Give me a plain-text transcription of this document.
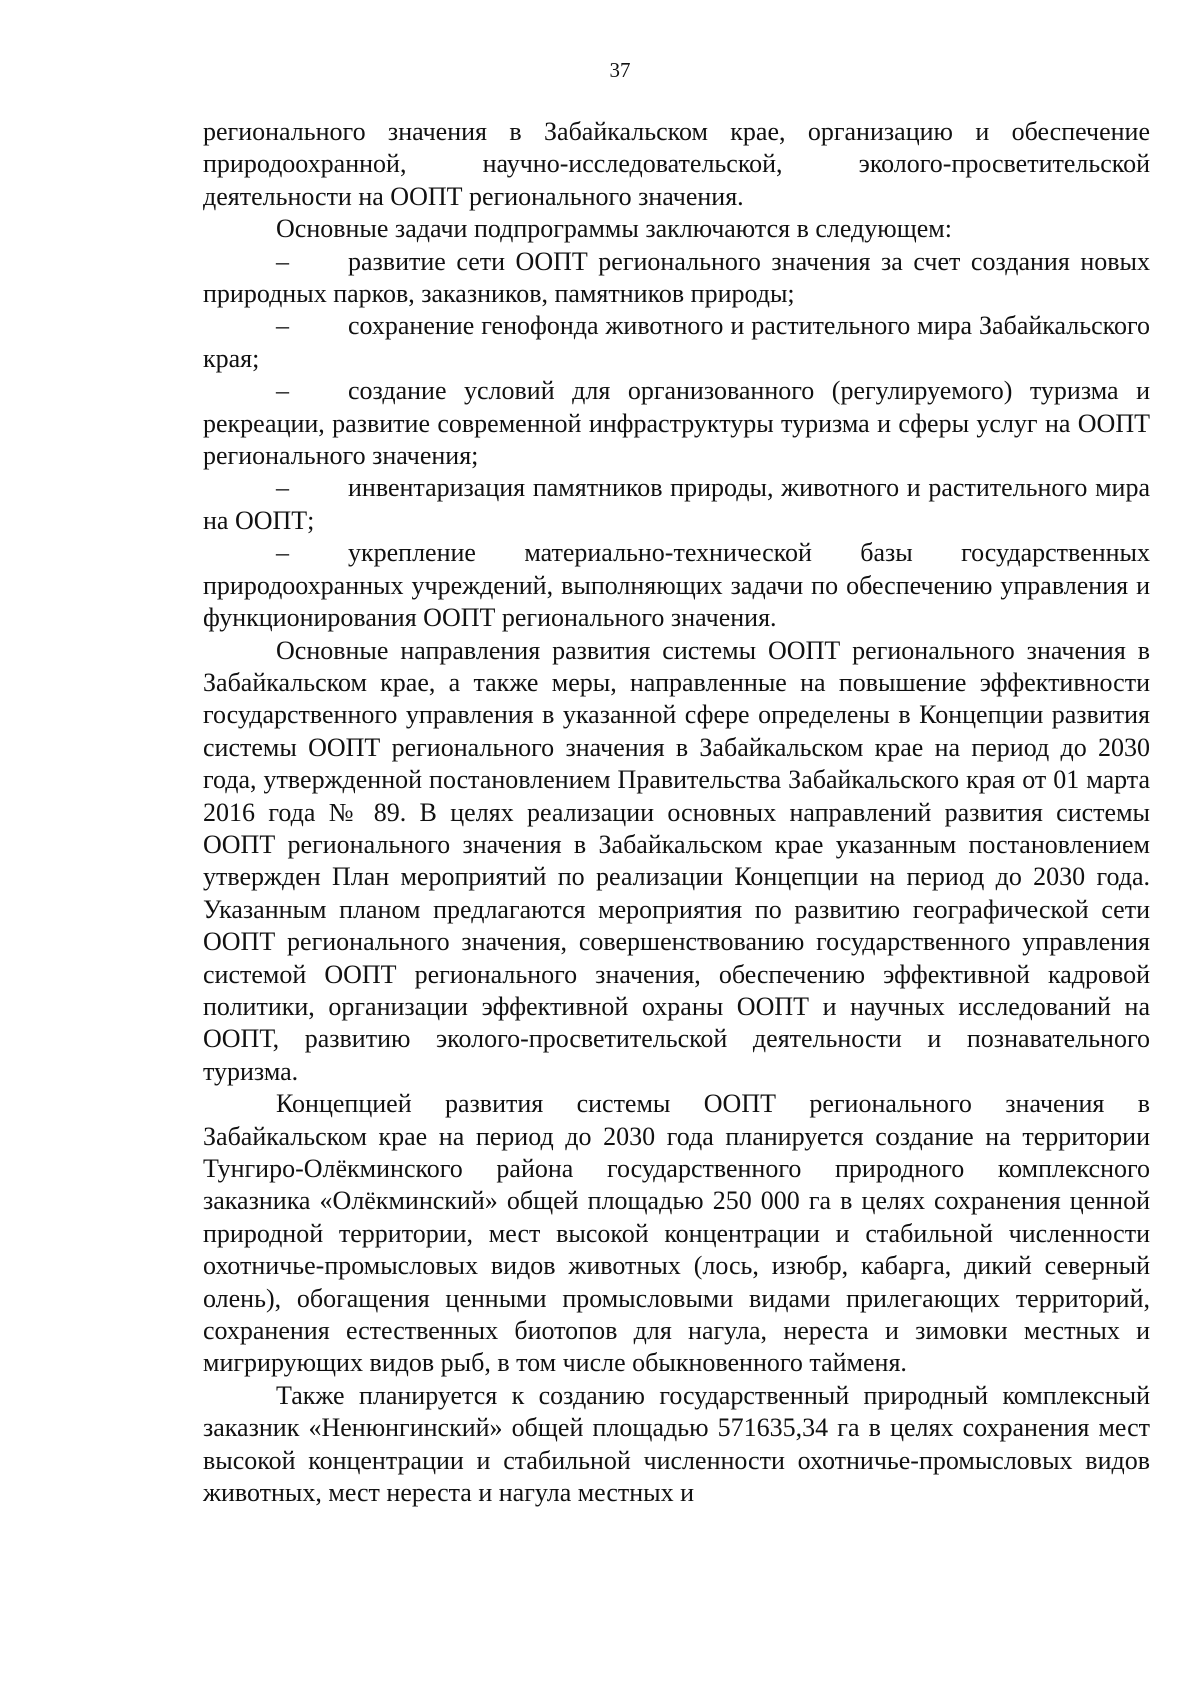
37

регионального значения в Забайкальском крае, организацию и обеспечение природоохранной, научно-исследовательской, эколого-просветительской деятельности на ООПТ регионального значения.

Основные задачи подпрограммы заключаются в следующем:

– развитие сети ООПТ регионального значения за счет создания новых природных парков, заказников, памятников природы;

– сохранение генофонда животного и растительного мира Забайкальского края;

– создание условий для организованного (регулируемого) туризма и рекреации, развитие современной инфраструктуры туризма и сферы услуг на ООПТ регионального значения;

– инвентаризация памятников природы, животного и растительного мира на ООПТ;

– укрепление материально-технической базы государственных природоохранных учреждений, выполняющих задачи по обеспечению управления и функционирования ООПТ регионального значения.

Основные направления развития системы ООПТ регионального значения в Забайкальском крае, а также меры, направленные на повышение эффективности государственного управления в указанной сфере определены в Концепции развития системы ООПТ регионального значения в Забайкальском крае на период до 2030 года, утвержденной постановлением Правительства Забайкальского края от 01 марта 2016 года № 89. В целях реализации основных направлений развития системы ООПТ регионального значения в Забайкальском крае указанным постановлением утвержден План мероприятий по реализации Концепции на период до 2030 года. Указанным планом предлагаются мероприятия по развитию географической сети ООПТ регионального значения, совершенствованию государственного управления системой ООПТ регионального значения, обеспечению эффективной кадровой политики, организации эффективной охраны ООПТ и научных исследований на ООПТ, развитию эколого-просветительской деятельности и познавательного туризма.

Концепцией развития системы ООПТ регионального значения в Забайкальском крае на период до 2030 года планируется создание на территории Тунгиро-Олёкминского района государственного природного комплексного заказника «Олёкминский» общей площадью 250 000 га в целях сохранения ценной природной территории, мест высокой концентрации и стабильной численности охотничье-промысловых видов животных (лось, изюбр, кабарга, дикий северный олень), обогащения ценными промысловыми видами прилегающих территорий, сохранения естественных биотопов для нагула, нереста и зимовки местных и мигрирующих видов рыб, в том числе обыкновенного тайменя.

Также планируется к созданию государственный природный комплексный заказник «Ненюнгинский» общей площадью 571635,34 га в целях сохранения мест высокой концентрации и стабильной численности охотничье-промысловых видов животных, мест нереста и нагула местных и
